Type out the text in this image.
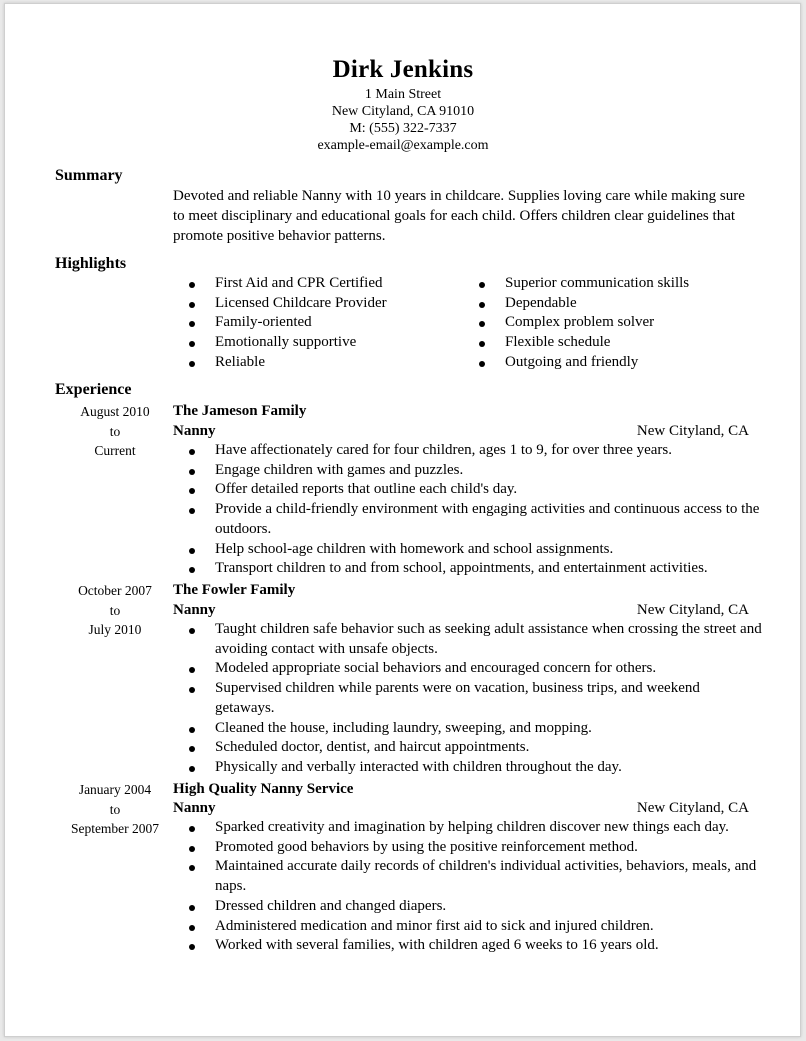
Dirk Jenkins
1 Main Street
New Cityland, CA 91010
M: (555) 322-7337
example-email@example.com
Summary
Devoted and reliable Nanny with 10 years in childcare. Supplies loving care while making sure to meet disciplinary and educational goals for each child. Offers children clear guidelines that promote positive behavior patterns.
Highlights
First Aid and CPR Certified
Licensed Childcare Provider
Family-oriented
Emotionally supportive
Reliable
Superior communication skills
Dependable
Complex problem solver
Flexible schedule
Outgoing and friendly
Experience
August 2010
to
Current
The Jameson Family
Nanny	New Cityland, CA
Have affectionately cared for four children, ages 1 to 9, for over three years.
Engage children with games and puzzles.
Offer detailed reports that outline each child's day.
Provide a child-friendly environment with engaging activities and continuous access to the outdoors.
Help school-age children with homework and school assignments.
Transport children to and from school, appointments, and entertainment activities.
October 2007
to
July 2010
The Fowler Family
Nanny	New Cityland, CA
Taught children safe behavior such as seeking adult assistance when crossing the street and avoiding contact with unsafe objects.
Modeled appropriate social behaviors and encouraged concern for others.
Supervised children while parents were on vacation, business trips, and weekend getaways.
Cleaned the house, including laundry, sweeping, and mopping.
Scheduled doctor, dentist, and haircut appointments.
Physically and verbally interacted with children throughout the day.
January 2004
to
September 2007
High Quality Nanny Service
Nanny	New Cityland, CA
Sparked creativity and imagination by helping children discover new things each day.
Promoted good behaviors by using the positive reinforcement method.
Maintained accurate daily records of children's individual activities, behaviors, meals, and naps.
Dressed children and changed diapers.
Administered medication and minor first aid to sick and injured children.
Worked with several families, with children aged 6 weeks to 16 years old.
